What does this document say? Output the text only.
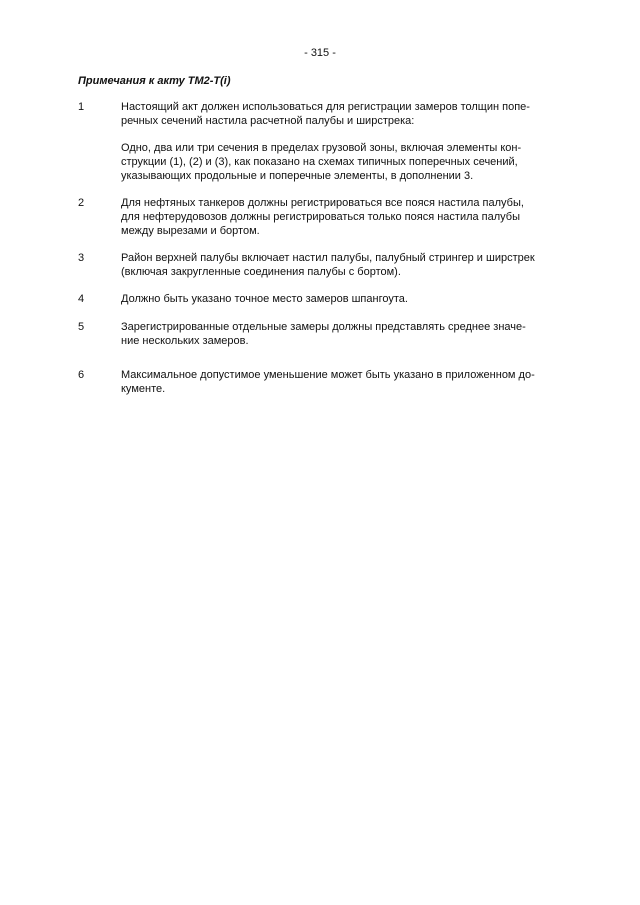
- 315 -
Примечания к акту TM2-T(i)
1	Настоящий акт должен использоваться для регистрации замеров толщин попе-
речных сечений настила расчетной палубы и ширстрека:
Одно, два или три сечения в пределах грузовой зоны, включая элементы кон-
струкции (1), (2) и (3), как показано на схемах типичных поперечных сечений,
указывающих продольные и поперечные элементы, в дополнении 3.
2	Для нефтяных танкеров должны регистрироваться все пояся настила палубы,
для нефтерудовозов должны регистрироваться только пояся настила палубы
между вырезами и бортом.
3	Район верхней палубы включает настил палубы, палубный стрингер и ширстрек
(включая закругленные соединения палубы с бортом).
4	Должно быть указано точное место замеров шпангоута.
5	Зарегистрированные отдельные замеры должны представлять среднее значе-
ние нескольких замеров.
6	Максимальное допустимое уменьшение может быть указано в приложенном до-
кументе.
